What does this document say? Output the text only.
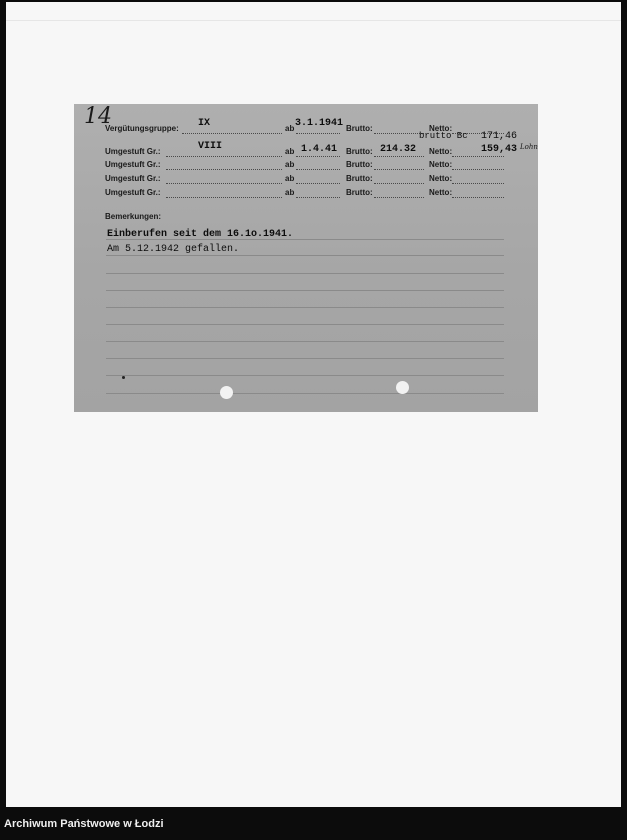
14
Vergütungsgruppe: IX	ab 3.1.1941 Brutto:	Netto:
brutto Bc 171,46
Umgestuft Gr.:	VIII	ab 1.4.41 Brutto: 214.32 Netto:	159,43 Lohn
Umgestuft Gr.:	ab	Brutto:	Netto:
Umgestuft Gr.:	ab	Brutto:	Netto:
Umgestuft Gr.:	ab	Brutto:	Netto:
Bemerkungen:
Einberufen seit dem 16.1o.1941.
Am 5.12.1942 gefallen.
Archiwum Państwowe w Łodzi
